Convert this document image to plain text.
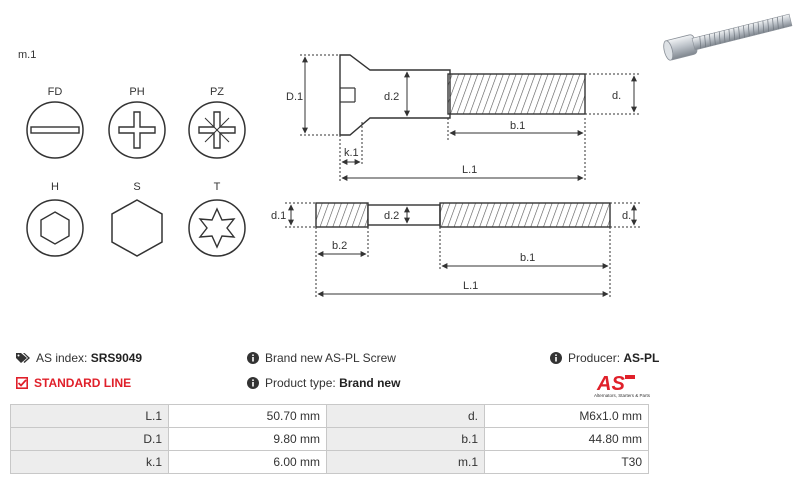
m.1
FD	PH	PZ
H	S	T
D.1	d.2	d.
b.1
k.1
L.1
d.1	d.2	d.
b.2
b.1
L.1
AS index:
SRS9049
STANDARD LINE
Brand new AS-PL Screw
Product type:
Brand new
Producer:
AS-PL
AS
Alternators, Starters & Parts
L.1	50.70 mm	d.	M6x1.0 mm
D.1	9.80 mm	b.1	44.80 mm
k.1	6.00 mm	m.1	T30
